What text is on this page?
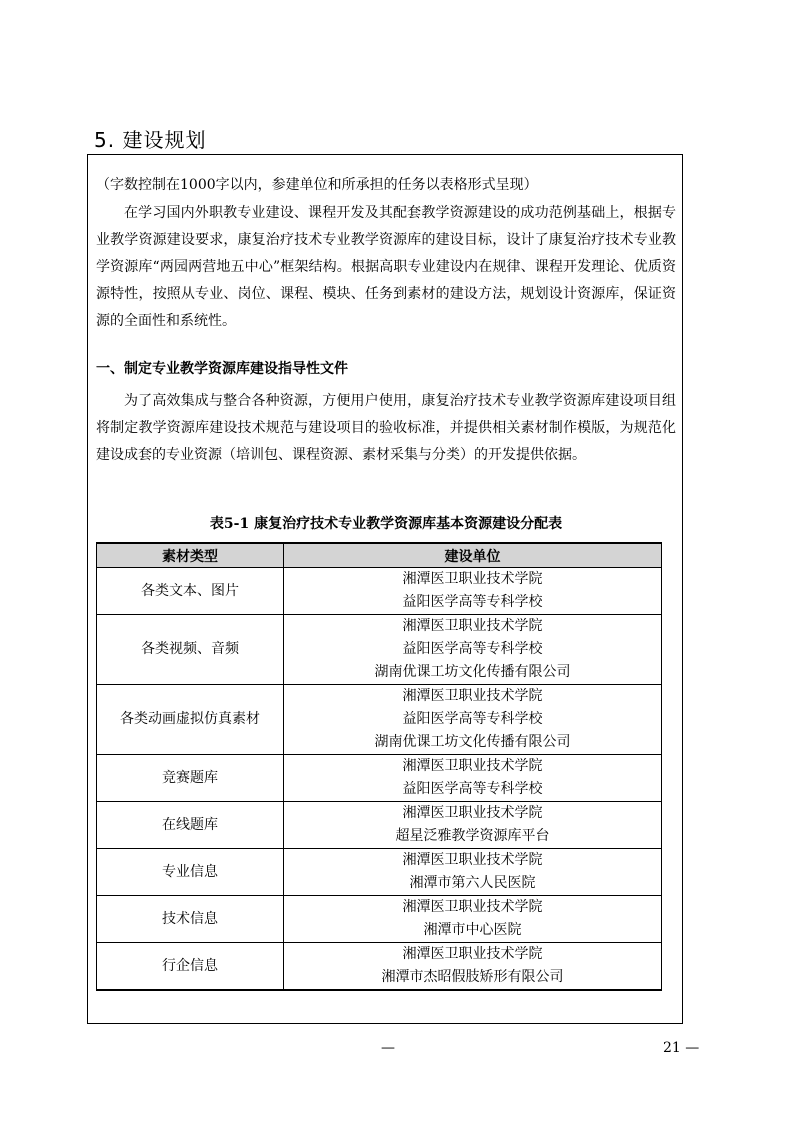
5. 建设规划

（字数控制在1000字以内，参建单位和所承担的任务以表格形式呈现）

在学习国内外职教专业建设、课程开发及其配套教学资源建设的成功范例基础上，根据专业教学资源建设要求，康复治疗技术专业教学资源库的建设目标，设计了康复治疗技术专业教学资源库“两园两营地五中心”框架结构。根据高职专业建设内在规律、课程开发理论、优质资源特性，按照从专业、岗位、课程、模块、任务到素材的建设方法，规划设计资源库，保证资源的全面性和系统性。

一、制定专业教学资源库建设指导性文件

为了高效集成与整合各种资源，方便用户使用，康复治疗技术专业教学资源库建设项目组将制定教学资源库建设技术规范与建设项目的验收标准，并提供相关素材制作模版，为规范化建设成套的专业资源（培训包、课程资源、素材采集与分类）的开发提供依据。

表5-1 康复治疗技术专业教学资源库基本资源建设分配表
素材类型	建设单位
各类文本、图片	湘潭医卫职业技术学院
益阳医学高等专科学校

各类视频、音频	湘潭医卫职业技术学院
益阳医学高等专科学校
湖南优课工坊文化传播有限公司

各类动画虚拟仿真素材	湘潭医卫职业技术学院
益阳医学高等专科学校
湖南优课工坊文化传播有限公司

竞赛题库	湘潭医卫职业技术学院
益阳医学高等专科学校

在线题库	湘潭医卫职业技术学院
超星泛雅教学资源库平台

专业信息	湘潭医卫职业技术学院
湘潭市第六人民医院

技术信息	湘潭医卫职业技术学院
湘潭市中心医院

行企信息	湘潭医卫职业技术学院
湘潭市杰昭假肢矫形有限公司
—	21 —
